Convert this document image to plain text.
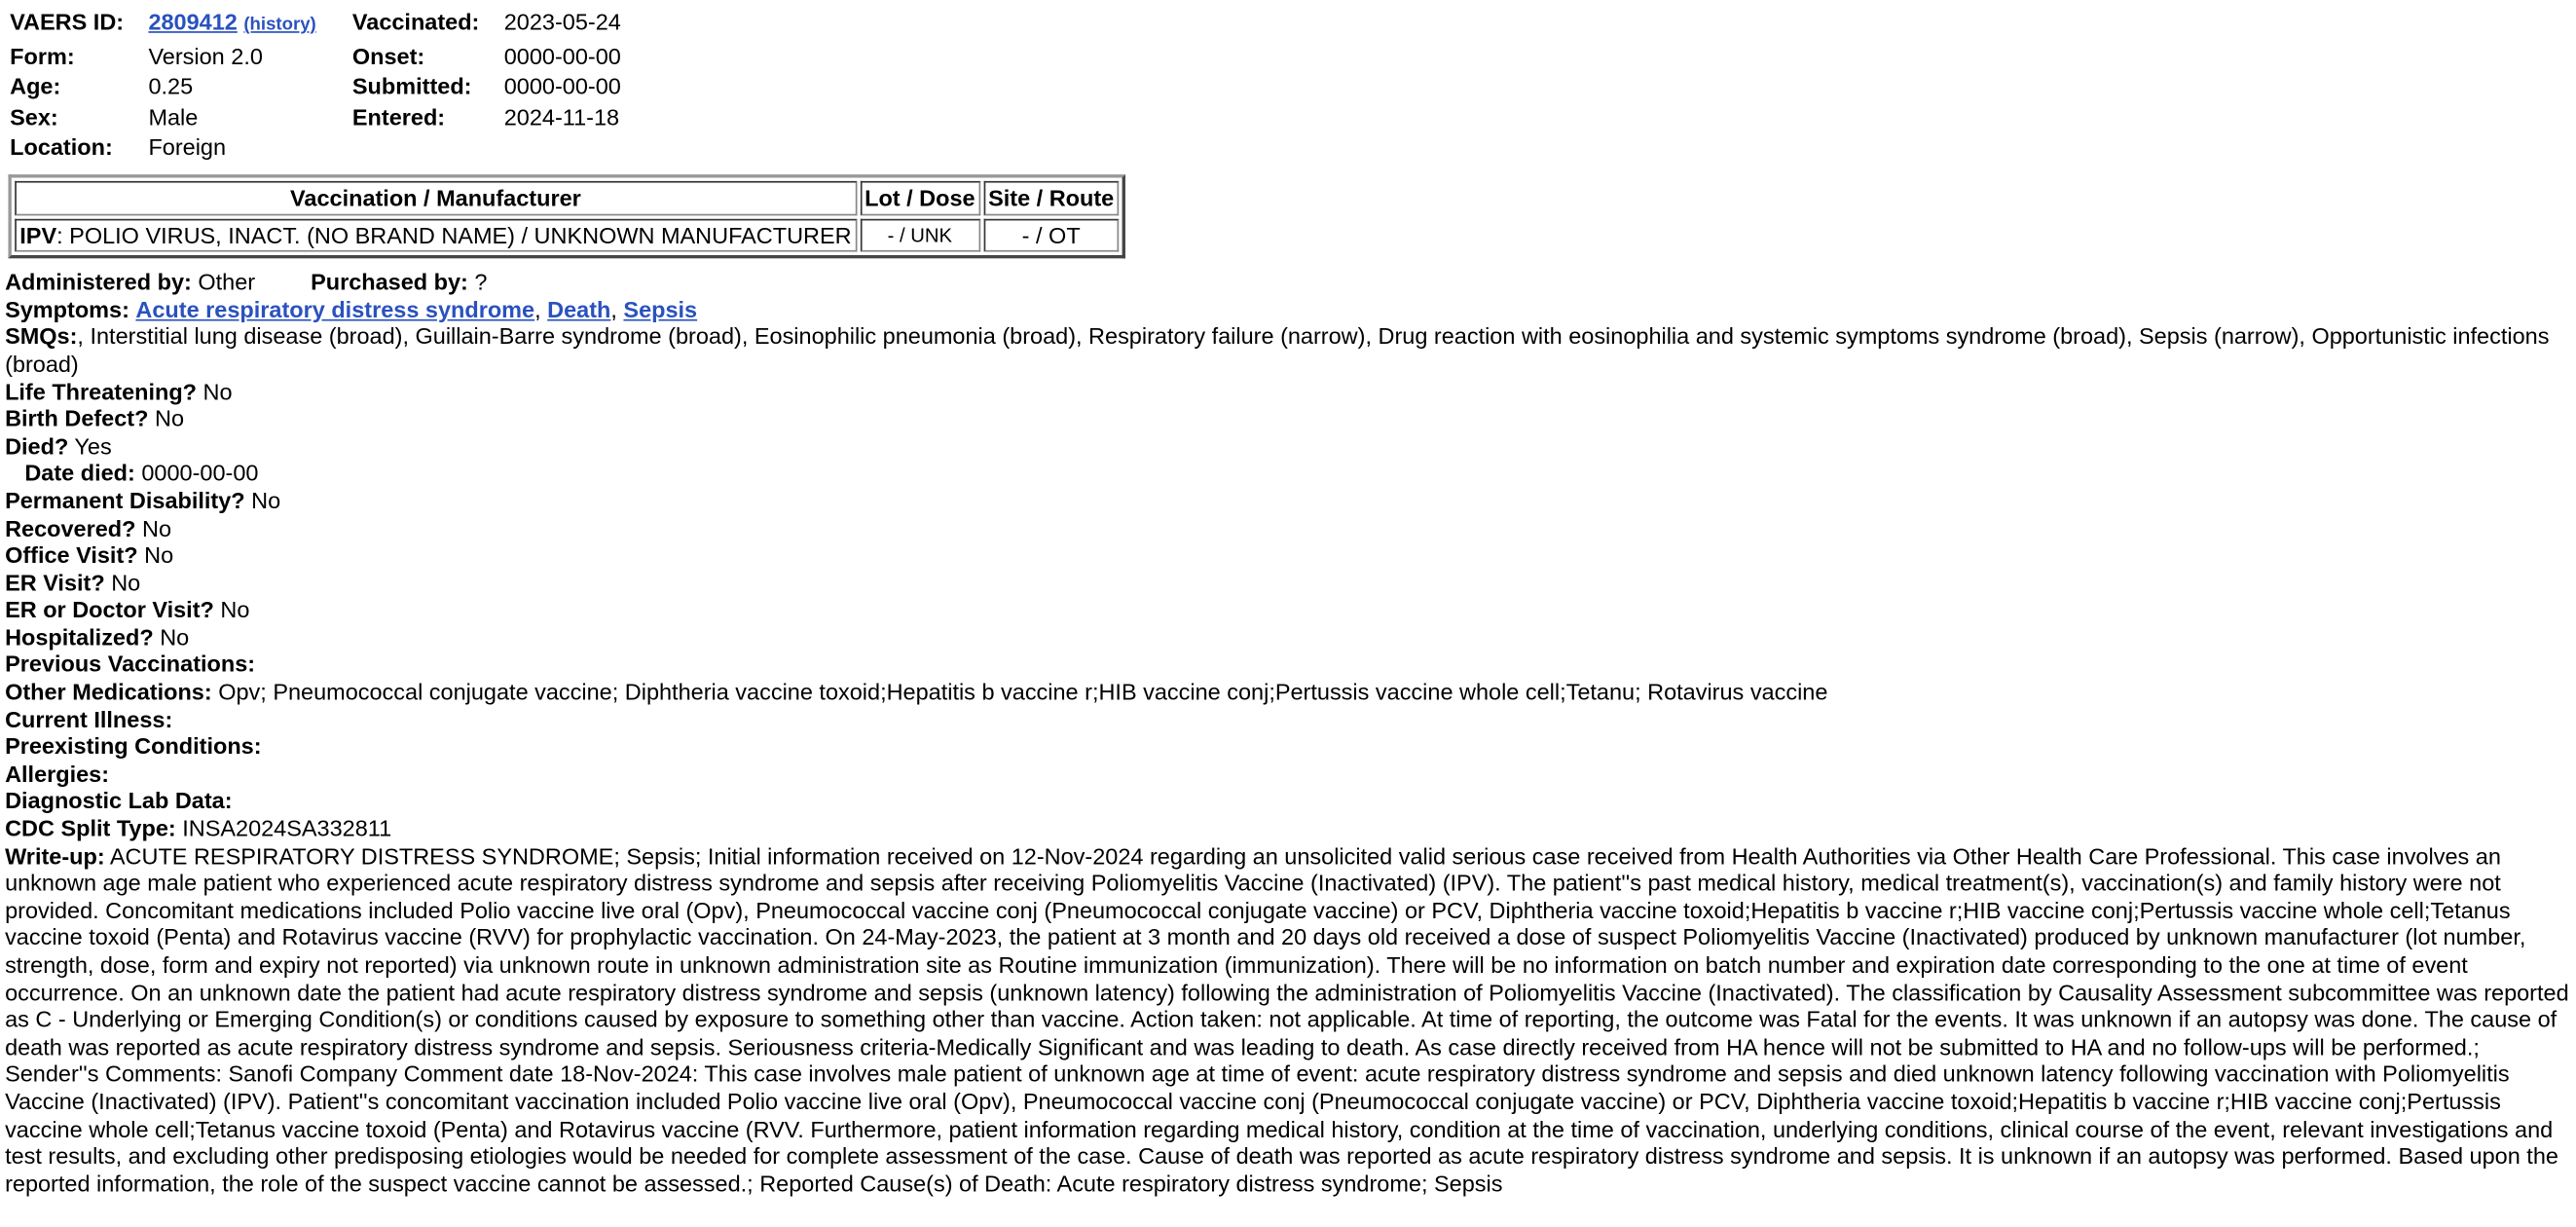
VAERS ID:	2809412 (history)		Vaccinated:	2023-05-24
Form:	Version 2.0		Onset:	0000-00-00
Age:	0.25		Submitted:	0000-00-00
Sex:	Male		Entered:	2024-11-18
Location:	Foreign			
Vaccination / Manufacturer	Lot / Dose	Site / Route
IPV: POLIO VIRUS, INACT. (NO BRAND NAME) / UNKNOWN MANUFACTURER	- / UNK	- / OT
Administered by: Other	Purchased by: ?
Symptoms: Acute respiratory distress syndrome, Death, Sepsis
SMQs:, Interstitial lung disease (broad), Guillain-Barre syndrome (broad), Eosinophilic pneumonia (broad), Respiratory failure (narrow), Drug reaction with eosinophilia and systemic symptoms syndrome (broad), Sepsis (narrow), Opportunistic infections (broad)
Life Threatening? No
Birth Defect? No
Died? Yes
Date died: 0000-00-00
Permanent Disability? No
Recovered? No
Office Visit? No
ER Visit? No
ER or Doctor Visit? No
Hospitalized? No
Previous Vaccinations:
Other Medications: Opv; Pneumococcal conjugate vaccine; Diphtheria vaccine toxoid;Hepatitis b vaccine r;HIB vaccine conj;Pertussis vaccine whole cell;Tetanu; Rotavirus vaccine
Current Illness:
Preexisting Conditions:
Allergies:
Diagnostic Lab Data:
CDC Split Type: INSA2024SA332811
Write-up: ACUTE RESPIRATORY DISTRESS SYNDROME; Sepsis; Initial information received on 12-Nov-2024 regarding an unsolicited valid serious case received from Health Authorities via Other Health Care Professional. This case involves an unknown age male patient who experienced acute respiratory distress syndrome and sepsis after receiving Poliomyelitis Vaccine (Inactivated) (IPV). The patient''s past medical history, medical treatment(s), vaccination(s) and family history were not provided. Concomitant medications included Polio vaccine live oral (Opv), Pneumococcal vaccine conj (Pneumococcal conjugate vaccine) or PCV, Diphtheria vaccine toxoid;Hepatitis b vaccine r;HIB vaccine conj;Pertussis vaccine whole cell;Tetanus vaccine toxoid (Penta) and Rotavirus vaccine (RVV) for prophylactic vaccination. On 24-May-2023, the patient at 3 month and 20 days old received a dose of suspect Poliomyelitis Vaccine (Inactivated) produced by unknown manufacturer (lot number, strength, dose, form and expiry not reported) via unknown route in unknown administration site as Routine immunization (immunization). There will be no information on batch number and expiration date corresponding to the one at time of event occurrence. On an unknown date the patient had acute respiratory distress syndrome and sepsis (unknown latency) following the administration of Poliomyelitis Vaccine (Inactivated). The classification by Causality Assessment subcommittee was reported as C - Underlying or Emerging Condition(s) or conditions caused by exposure to something other than vaccine. Action taken: not applicable. At time of reporting, the outcome was Fatal for the events. It was unknown if an autopsy was done. The cause of death was reported as acute respiratory distress syndrome and sepsis. Seriousness criteria-Medically Significant and was leading to death. As case directly received from HA hence will not be submitted to HA and no follow-ups will be performed.; Sender''s Comments: Sanofi Company Comment date 18-Nov-2024: This case involves male patient of unknown age at time of event: acute respiratory distress syndrome and sepsis and died unknown latency following vaccination with Poliomyelitis Vaccine (Inactivated) (IPV). Patient''s concomitant vaccination included Polio vaccine live oral (Opv), Pneumococcal vaccine conj (Pneumococcal conjugate vaccine) or PCV, Diphtheria vaccine toxoid;Hepatitis b vaccine r;HIB vaccine conj;Pertussis vaccine whole cell;Tetanus vaccine toxoid (Penta) and Rotavirus vaccine (RVV. Furthermore, patient information regarding medical history, condition at the time of vaccination, underlying conditions, clinical course of the event, relevant investigations and test results, and excluding other predisposing etiologies would be needed for complete assessment of the case. Cause of death was reported as acute respiratory distress syndrome and sepsis. It is unknown if an autopsy was performed. Based upon the reported information, the role of the suspect vaccine cannot be assessed.; Reported Cause(s) of Death: Acute respiratory distress syndrome; Sepsis
